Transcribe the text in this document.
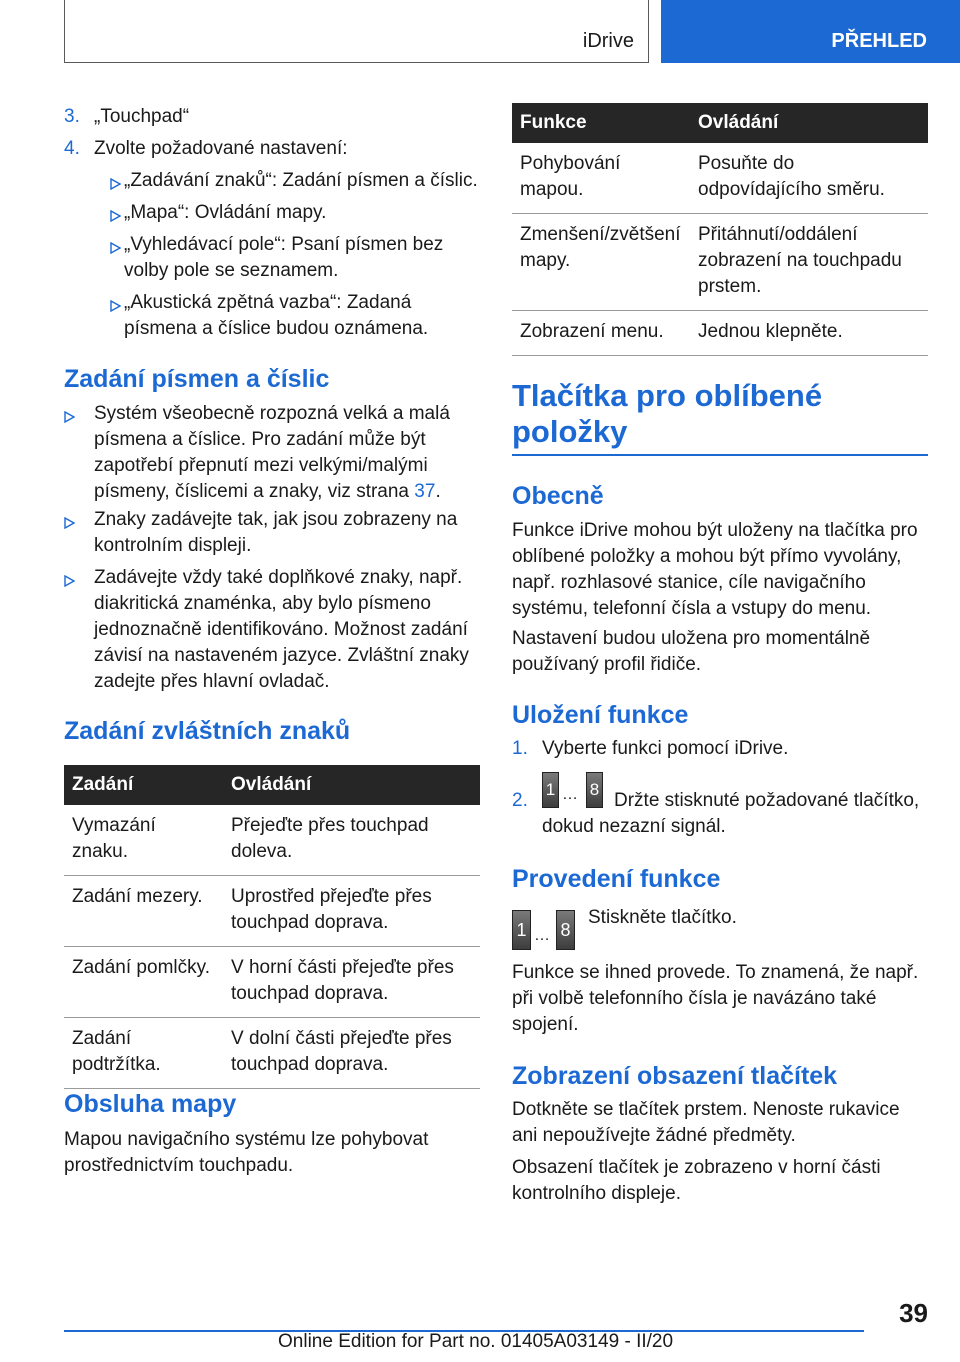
iDrive	PŘEHLED
3. „Touchpad“
4. Zvolte požadované nastavení:
„Zadávání znaků“: Zadání písmen a číslic.
„Mapa“: Ovládání mapy.
„Vyhledávací pole“: Psaní písmen bez volby pole se seznamem.
„Akustická zpětná vazba“: Zadaná písmena a číslice budou oznámena.
Zadání písmen a číslic
Systém všeobecně rozpozná velká a malá písmena a číslice. Pro zadání může být zapotřebí přepnutí mezi velkými/malými písmeny, číslicemi a znaky, viz strana 37.
Znaky zadávejte tak, jak jsou zobrazeny na kontrolním displeji.
Zadávejte vždy také doplňkové znaky, např. diakritická znaménka, aby bylo písmeno jednoznačně identifikováno. Možnost zadání závisí na nastaveném jazyce. Zvláštní znaky zadejte přes hlavní ovladač.
Zadání zvláštních znaků
Zadání	Ovládání
Vymazání znaku.	Přejeďte přes touchpad doleva.
Zadání mezery.	Uprostřed přejeďte přes touchpad doprava.
Zadání pomlčky.	V horní části přejeďte přes touchpad doprava.
Zadání podtržítka.	V dolní části přejeďte přes touchpad doprava.
Obsluha mapy
Mapou navigačního systému lze pohybovat prostřednictvím touchpadu.
Funkce	Ovládání
Pohybování mapou.	Posuňte do odpovídajícího směru.
Zmenšení/zvětšení mapy.	Přitáhnutí/oddálení zobrazení na touchpadu prstem.
Zobrazení menu.	Jednou klepněte.
Tlačítka pro oblíbené položky
Obecně
Funkce iDrive mohou být uloženy na tlačítka pro oblíbené položky a mohou být přímo vyvolány, např. rozhlasové stanice, cíle navigačního systému, telefonní čísla a vstupy do menu.
Nastavení budou uložena pro momentálně používaný profil řidiče.
Uložení funkce
1. Vyberte funkci pomocí iDrive.
2.
1 … 8
Držte stisknuté požadované tlačítko, dokud nezazní signál.
Provedení funkce
1 … 8
Stiskněte tlačítko.
Funkce se ihned provede. To znamená, že např. při volbě telefonního čísla je navázáno také spojení.
Zobrazení obsazení tlačítek
Dotkněte se tlačítek prstem. Nenoste rukavice ani nepoužívejte žádné předměty.
Obsazení tlačítek je zobrazeno v horní části kontrolního displeje.
39
Online Edition for Part no. 01405A03149 - II/20
